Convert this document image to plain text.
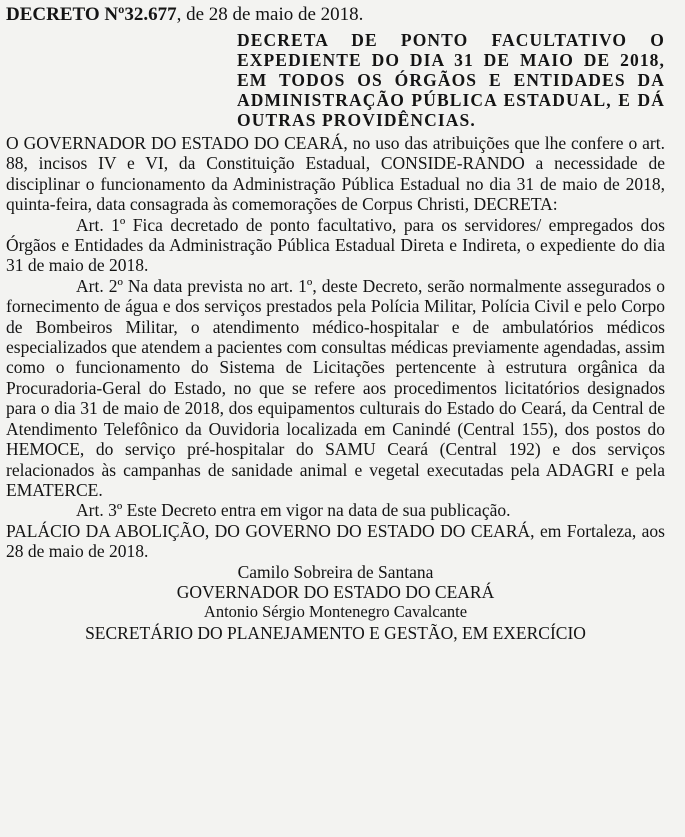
DECRETO Nº32.677, de 28 de maio de 2018.

DECRETA DE PONTO FACULTATIVO O EXPEDIENTE DO DIA 31 DE MAIO DE 2018, EM TODOS OS ÓRGÃOS E ENTIDADES DA ADMINISTRAÇÃO PÚBLICA ESTADUAL, E DÁ OUTRAS PROVIDÊNCIAS.

O GOVERNADOR DO ESTADO DO CEARÁ, no uso das atribuições que lhe confere o art. 88, incisos IV e VI, da Constituição Estadual, CONSIDE-RANDO a necessidade de disciplinar o funcionamento da Administração Pública Estadual no dia 31 de maio de 2018, quinta-feira, data consagrada às comemorações de Corpus Christi, DECRETA:

Art. 1º Fica decretado de ponto facultativo, para os servidores/ empregados dos Órgãos e Entidades da Administração Pública Estadual Direta e Indireta, o expediente do dia 31 de maio de 2018.

Art. 2º Na data prevista no art. 1º, deste Decreto, serão normalmente assegurados o fornecimento de água e dos serviços prestados pela Polícia Militar, Polícia Civil e pelo Corpo de Bombeiros Militar, o atendimento médico-hospitalar e de ambulatórios médicos especializados que atendem a pacientes com consultas médicas previamente agendadas, assim como o funcionamento do Sistema de Licitações pertencente à estrutura orgânica da Procuradoria-Geral do Estado, no que se refere aos procedimentos licitatórios designados para o dia 31 de maio de 2018, dos equipamentos culturais do Estado do Ceará, da Central de Atendimento Telefônico da Ouvidoria localizada em Canindé (Central 155), dos postos do HEMOCE, do serviço pré-hospitalar do SAMU Ceará (Central 192) e dos serviços relacionados às campanhas de sanidade animal e vegetal executadas pela ADAGRI e pela EMATERCE.

Art. 3º Este Decreto entra em vigor na data de sua publicação.

PALÁCIO DA ABOLIÇÃO, DO GOVERNO DO ESTADO DO CEARÁ, em Fortaleza, aos 28 de maio de 2018.

Camilo Sobreira de Santana

GOVERNADOR DO ESTADO DO CEARÁ

Antonio Sérgio Montenegro Cavalcante

SECRETÁRIO DO PLANEJAMENTO E GESTÃO, EM EXERCÍCIO
